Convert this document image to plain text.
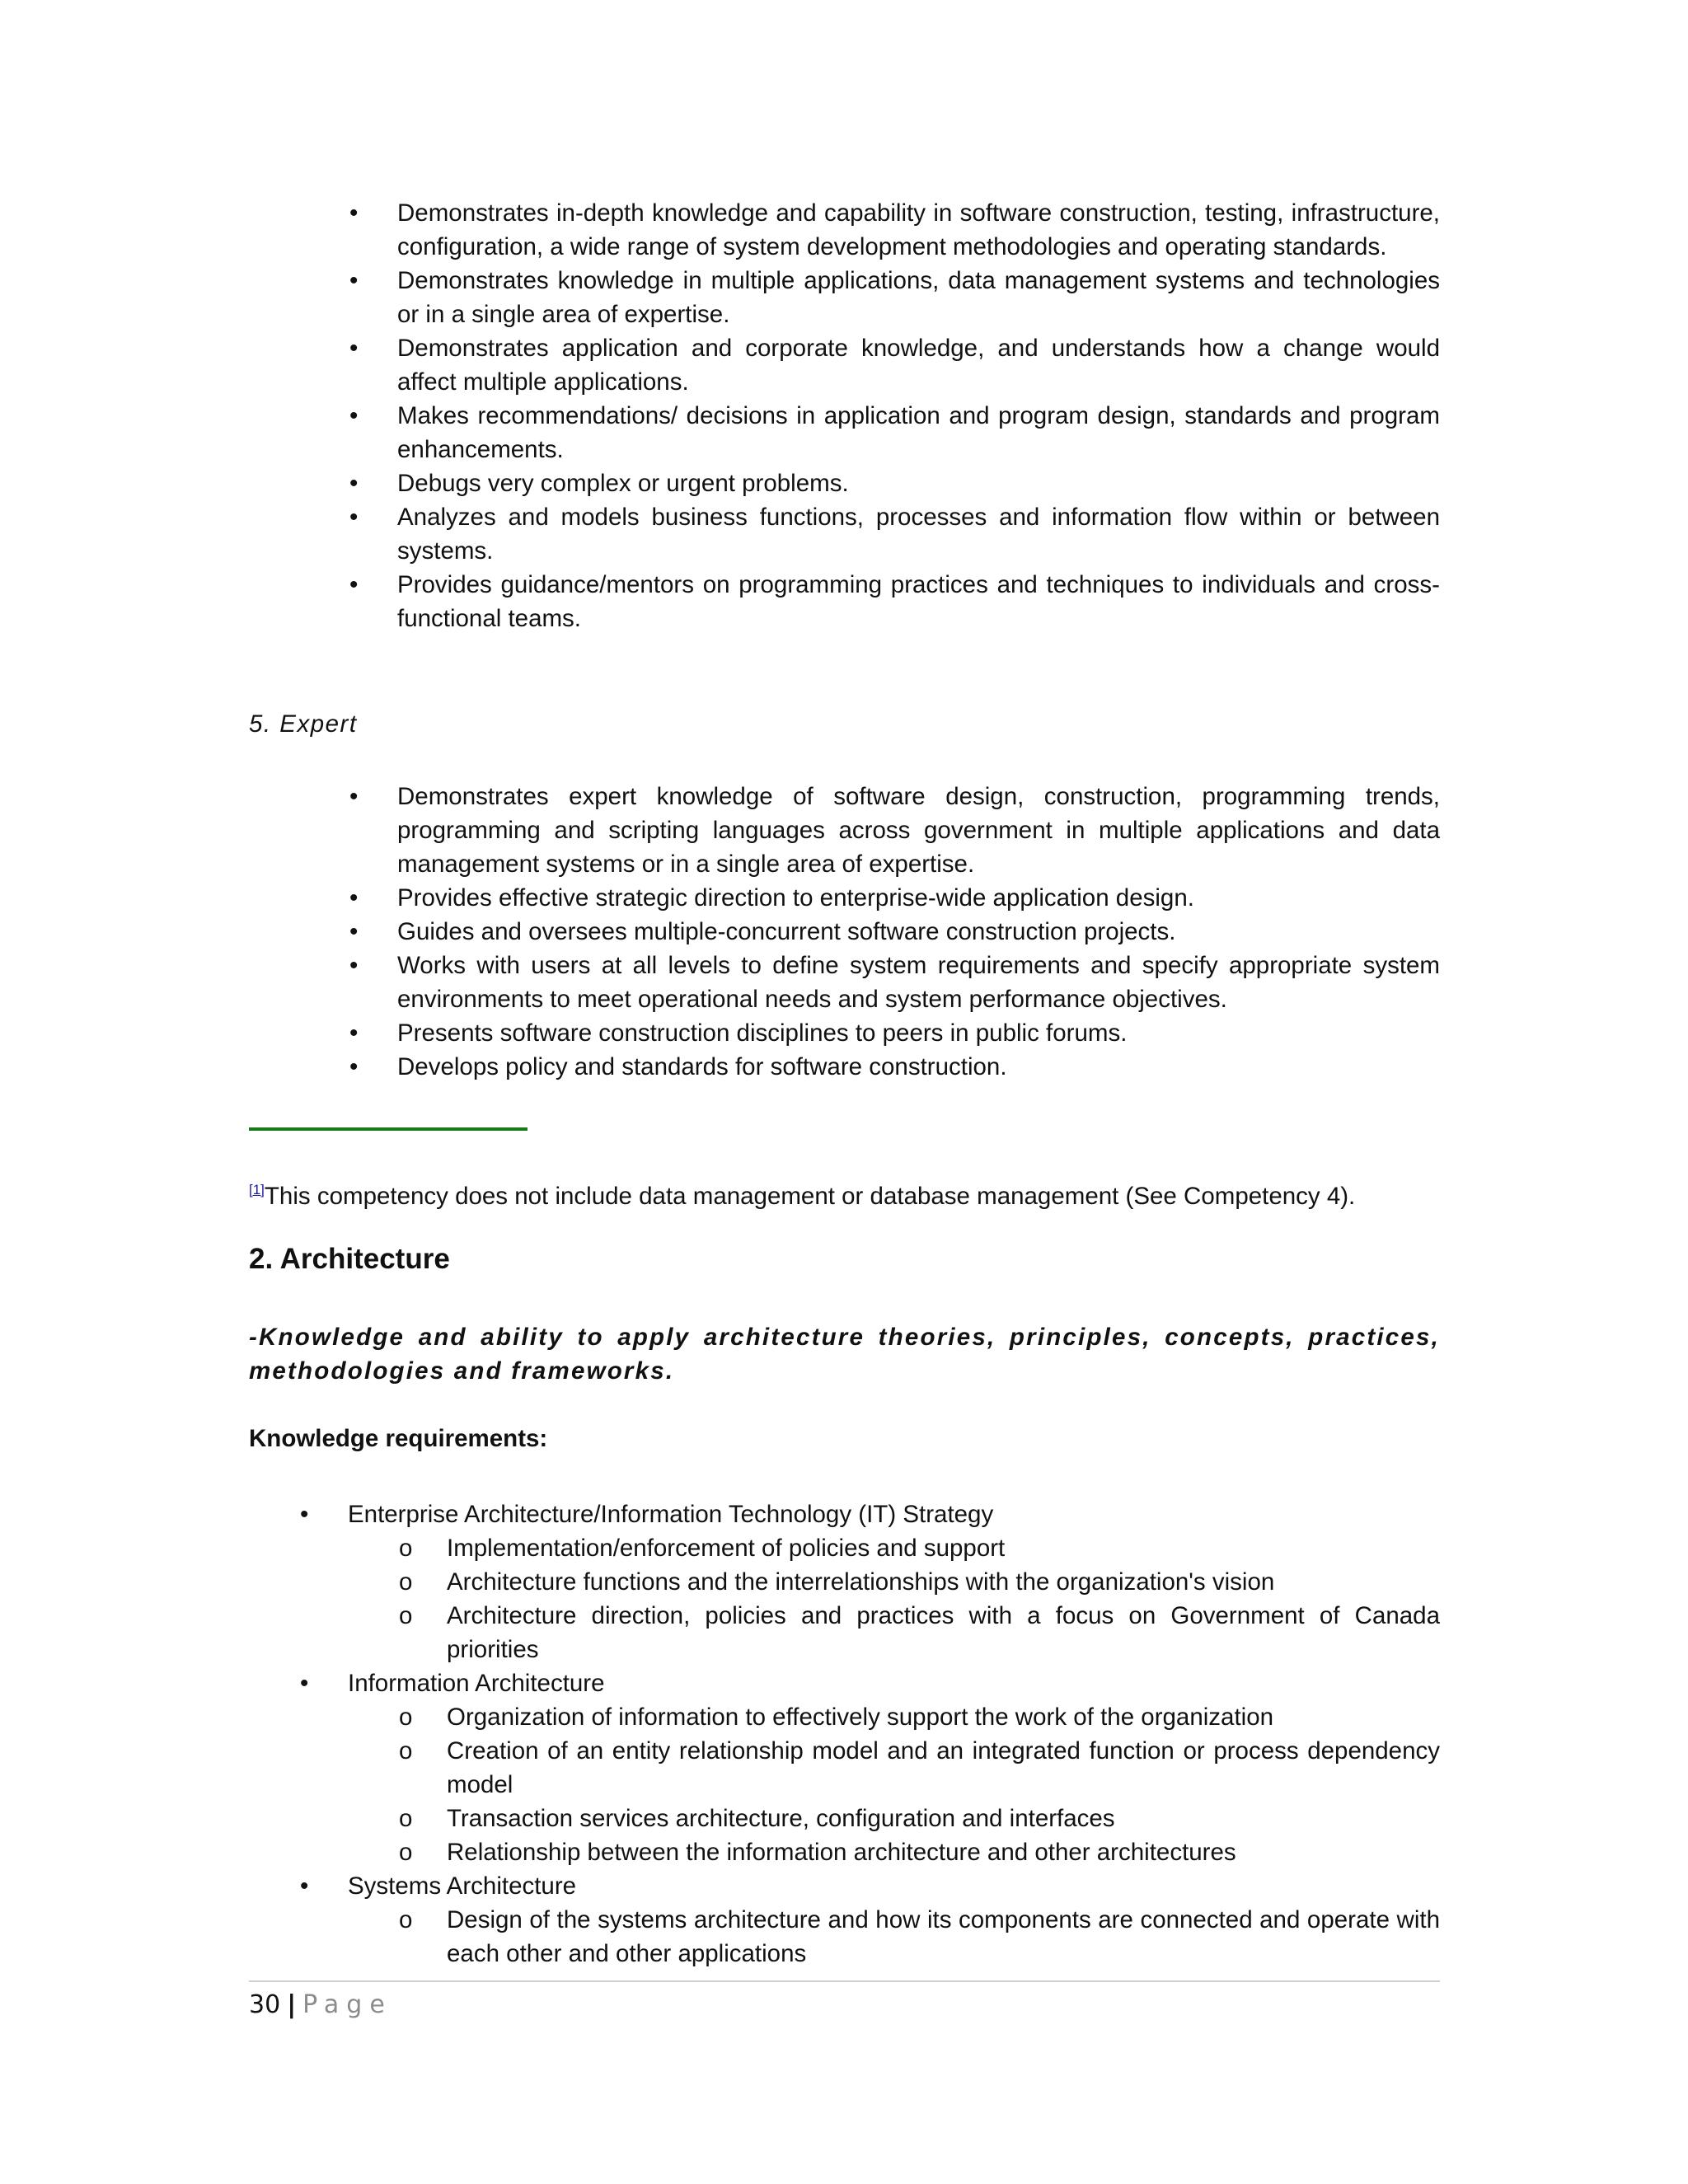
• Demonstrates in-depth knowledge and capability in software construction, testing, infrastructure, configuration, a wide range of system development methodologies and operating standards.
• Demonstrates knowledge in multiple applications, data management systems and technologies or in a single area of expertise.
• Demonstrates application and corporate knowledge, and understands how a change would affect multiple applications.
• Makes recommendations/ decisions in application and program design, standards and program enhancements.
• Debugs very complex or urgent problems.
• Analyzes and models business functions, processes and information flow within or between systems.
• Provides guidance/mentors on programming practices and techniques to individuals and cross-functional teams.
5. Expert
• Demonstrates expert knowledge of software design, construction, programming trends, programming and scripting languages across government in multiple applications and data management systems or in a single area of expertise.
• Provides effective strategic direction to enterprise-wide application design.
• Guides and oversees multiple-concurrent software construction projects.
• Works with users at all levels to define system requirements and specify appropriate system environments to meet operational needs and system performance objectives.
• Presents software construction disciplines to peers in public forums.
• Develops policy and standards for software construction.
[1]This competency does not include data management or database management (See Competency 4).
2. Architecture
-Knowledge and ability to apply architecture theories, principles, concepts, practices, methodologies and frameworks.
Knowledge requirements:
• Enterprise Architecture/Information Technology (IT) Strategy
o Implementation/enforcement of policies and support
o Architecture functions and the interrelationships with the organization's vision
o Architecture direction, policies and practices with a focus on Government of Canada priorities
• Information Architecture
o Organization of information to effectively support the work of the organization
o Creation of an entity relationship model and an integrated function or process dependency model
o Transaction services architecture, configuration and interfaces
o Relationship between the information architecture and other architectures
• Systems Architecture
o Design of the systems architecture and how its components are connected and operate with each other and other applications
30 | Page
